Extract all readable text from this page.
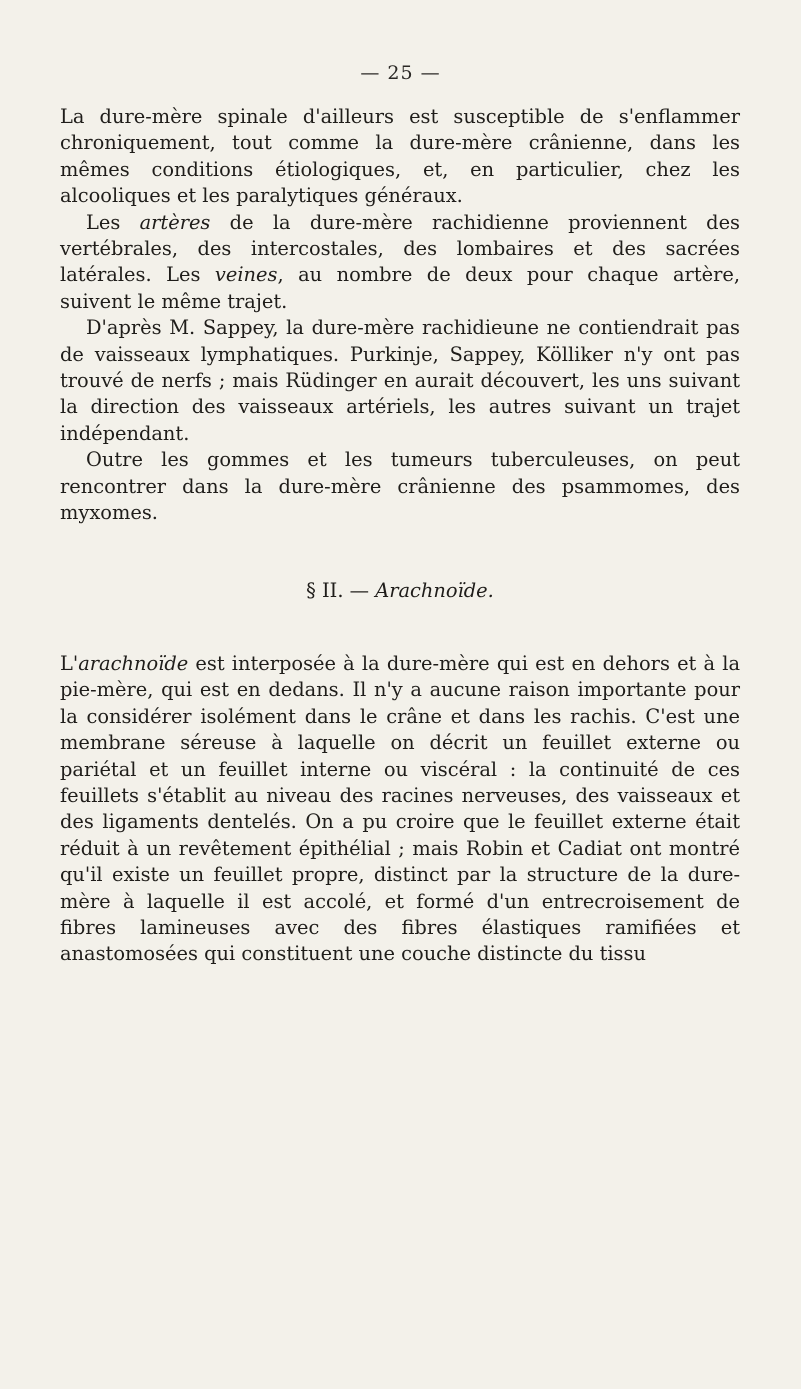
— 25 —

La dure-mère spinale d'ailleurs est susceptible de s'enflammer chroniquement, tout comme la dure-mère crânienne, dans les mêmes conditions étiologiques, et, en particulier, chez les alcooliques et les paralytiques généraux.

Les artères de la dure-mère rachidienne proviennent des vertébrales, des intercostales, des lombaires et des sacrées latérales. Les veines, au nombre de deux pour chaque artère, suivent le même trajet.

D'après M. Sappey, la dure-mère rachidieune ne contiendrait pas de vaisseaux lymphatiques. Purkinje, Sappey, Kölliker n'y ont pas trouvé de nerfs ; mais Rüdinger en aurait découvert, les uns suivant la direction des vaisseaux artériels, les autres suivant un trajet indépendant.

Outre les gommes et les tumeurs tuberculeuses, on peut rencontrer dans la dure-mère crânienne des psammomes, des myxomes.

§ II. — Arachnoïde.

L'arachnoïde est interposée à la dure-mère qui est en dehors et à la pie-mère, qui est en dedans. Il n'y a aucune raison importante pour la considérer isolément dans le crâne et dans les rachis. C'est une membrane séreuse à laquelle on décrit un feuillet externe ou pariétal et un feuillet interne ou viscéral : la continuité de ces feuillets s'établit au niveau des racines nerveuses, des vaisseaux et des ligaments dentelés. On a pu croire que le feuillet externe était réduit à un revêtement épithélial ; mais Robin et Cadiat ont montré qu'il existe un feuillet propre, distinct par la structure de la dure-mère à laquelle il est accolé, et formé d'un entrecroisement de fibres lamineuses avec des fibres élastiques ramifiées et anastomosées qui constituent une couche distincte du tissu
